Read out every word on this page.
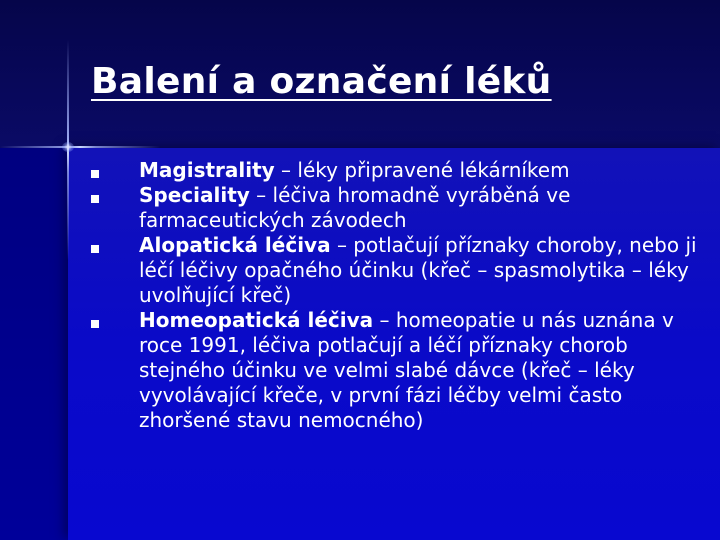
Balení a označení léků
Magistrality – léky připravené lékárníkem
Speciality – léčiva hromadně vyráběná ve farmaceutických závodech
Alopatická léčiva – potlačují příznaky choroby, nebo ji léčí léčivy opačného účinku (křeč – spasmolytika – léky uvolňující křeč)
Homeopatická léčiva – homeopatie u nás uznána v roce 1991, léčiva potlačují a léčí příznaky chorob stejného účinku ve velmi slabé dávce (křeč – léky vyvolávající křeče, v první fázi léčby velmi často zhoršené stavu nemocného)
